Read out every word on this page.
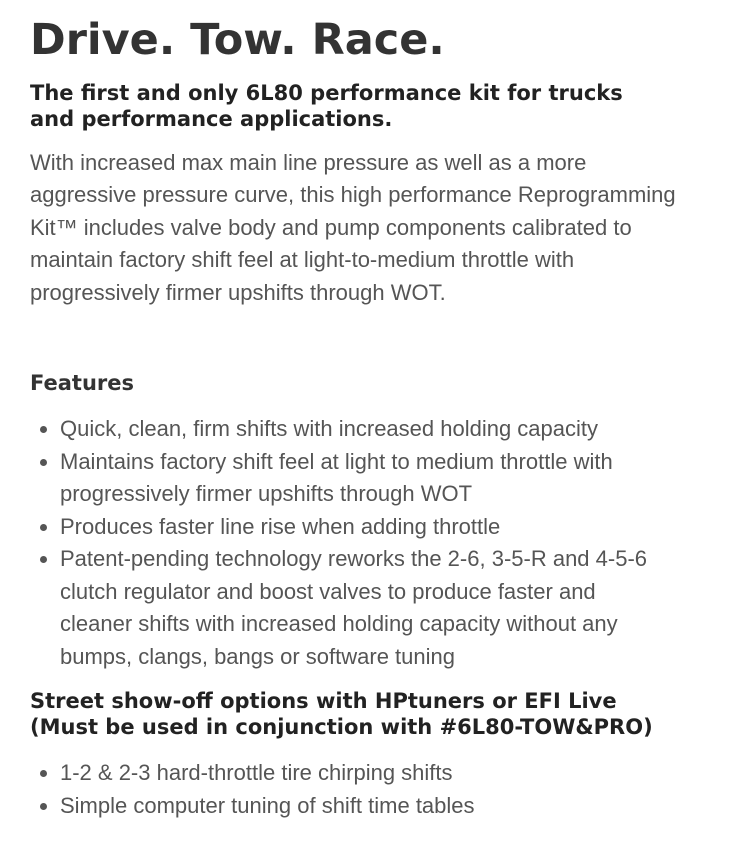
Drive. Tow. Race.
The first and only 6L80 performance kit for trucks and performance applications.

With increased max main line pressure as well as a more aggressive pressure curve, this high performance Reprogramming Kit™ includes valve body and pump components calibrated to maintain factory shift feel at light-to-medium throttle with progressively firmer upshifts through WOT.

Features
Quick, clean, firm shifts with increased holding capacity
Maintains factory shift feel at light to medium throttle with progressively firmer upshifts through WOT
Produces faster line rise when adding throttle
Patent-pending technology reworks the 2-6, 3-5-R and 4-5-6 clutch regulator and boost valves to produce faster and cleaner shifts with increased holding capacity without any bumps, clangs, bangs or software tuning
Street show-off options with HPtuners or EFI Live (Must be used in conjunction with #6L80-TOW&PRO)
1-2 & 2-3 hard-throttle tire chirping shifts
Simple computer tuning of shift time tables
